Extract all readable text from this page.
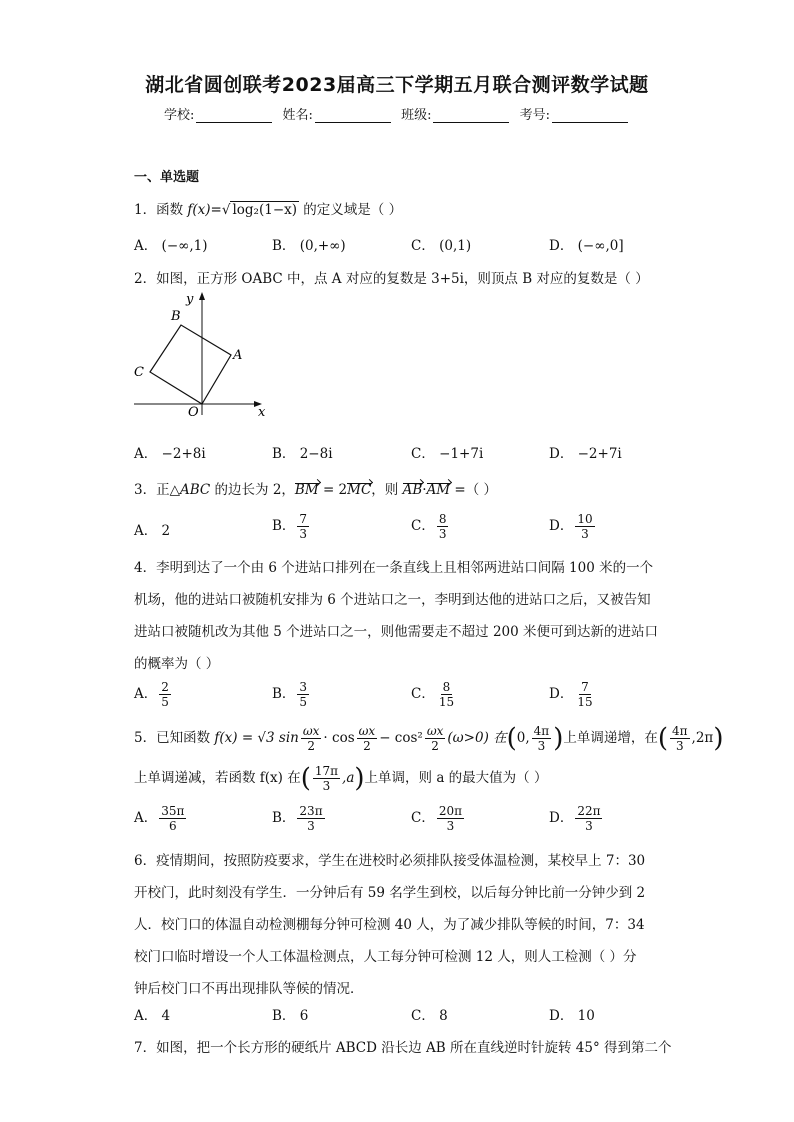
湖北省圆创联考2023届高三下学期五月联合测评数学试题
学校:	姓名:	班级:	考号:
一、单选题
1．函数 f(x)=√ log₂(1−x) 的定义域是（ ）
A． (−∞,1)	B． (0,+∞)	C． (0,1)	D． (−∞,0]
2．如图，正方形 OABC 中，点 A 对应的复数是 3+5i，则顶点 B 对应的复数是（ ）
y
x
O
A
B
C
A． −2+8i	B． 2−8i	C． −1+7i	D． −2+7i
3．正△ABC 的边长为 2，BM = 2MC，则 AB·AM =（ ）
A． 2	B． $\frac{7}{3}$	C． $\frac{8}{3}$	D． $\frac{10}{3}$
4．李明到达了一个由 6 个进站口排列在一条直线上且相邻两进站口间隔 100 米的一个
机场，他的进站口被随机安排为 6 个进站口之一，李明到达他的进站口之后，又被告知
进站口被随机改为其他 5 个进站口之一，则他需要走不超过 200 米便可到达新的进站口
的概率为（ ）
A． $\frac{2}{5}$	B． $\frac{3}{5}$	C． $\frac{8}{15}$	D． $\frac{7}{15}$
5．已知函数 f(x) = √3 $\sin \frac{\omega x}{2} \cdot \cos \frac{\omega x}{2} - \cos^2 \frac{\omega x}{2} (\omega>0)$ 在(0, $\frac{4\pi}{3}$ )上单调递增，在( $\frac{4\pi}{3} ,2\pi$)
上单调递减，若函数 f(x) 在( $\frac{17\pi}{3} ,a$)上单调，则 a 的最大值为（ ）
A． $\frac{35\pi}{6}$	B． $\frac{23\pi}{3}$	C． $\frac{20\pi}{3}$	D． $\frac{22\pi}{3}$
6．疫情期间，按照防疫要求，学生在进校时必须排队接受体温检测，某校早上 7：30
开校门，此时刻没有学生．一分钟后有 59 名学生到校，以后每分钟比前一分钟少到 2
人．校门口的体温自动检测棚每分钟可检测 40 人，为了减少排队等候的时间，7：34
校门口临时增设一个人工体温检测点，人工每分钟可检测 12 人，则人工检测（ ）分
钟后校门口不再出现排队等候的情况．
A． 4	B． 6	C． 8	D． 10
7．如图，把一个长方形的硬纸片 ABCD 沿长边 AB 所在直线逆时针旋转 45° 得到第二个
